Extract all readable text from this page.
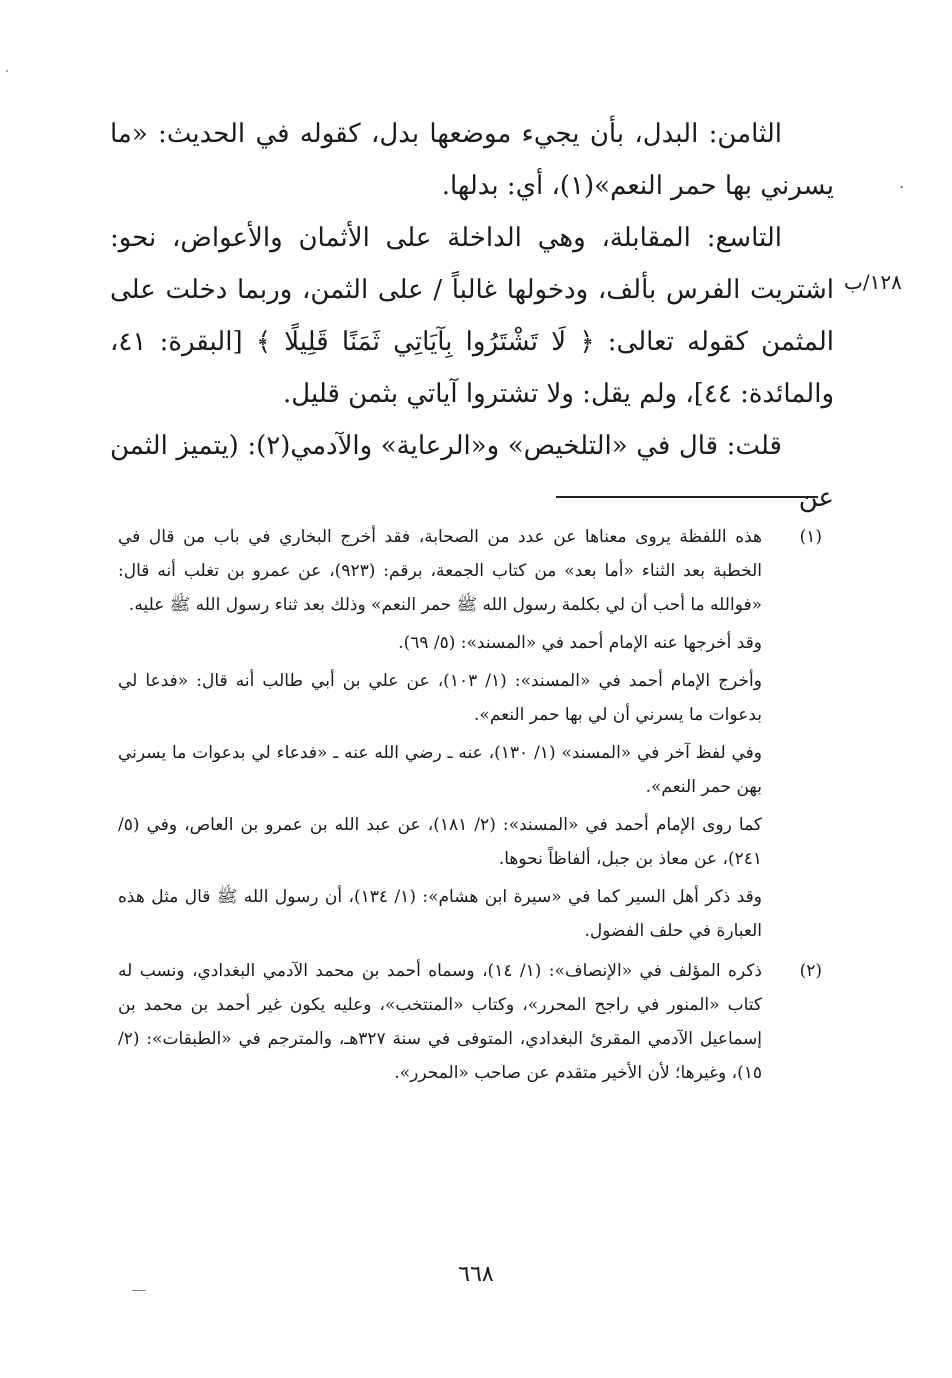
الثامن: البدل، بأن يجيء موضعها بدل، كقوله في الحديث: «ما يسرني بها حمر النعم»(١)، أي: بدلها.

التاسع: المقابلة، وهي الداخلة على الأثمان والأعواض، نحو: اشتريت الفرس بألف، ودخولها غالباً / على الثمن، وربما دخلت على المثمن كقوله تعالى: ﴿ لَا تَشْتَرُوا بِآيَاتِي ثَمَنًا قَلِيلًا ﴾ [البقرة: ٤١، والمائدة: ٤٤]، ولم يقل: ولا تشتروا آياتي بثمن قليل.

قلت: قال في «التلخيص» و«الرعاية» والآدمي(٢): (يتميز الثمن عن

١٢٨/ب
(١)
هذه اللفظة يروى معناها عن عدد من الصحابة، فقد أخرج البخاري في باب من قال في الخطبة بعد الثناء «أما بعد» من كتاب الجمعة، برقم: (٩٢٣)، عن عمرو بن تغلب أنه قال: «فوالله ما أحب أن لي بكلمة رسول الله ﷺ حمر النعم» وذلك بعد ثناء رسول الله ﷺ عليه.
وقد أخرجها عنه الإمام أحمد في «المسند»: (٥/ ٦٩).
وأخرج الإمام أحمد في «المسند»: (١/ ١٠٣)، عن علي بن أبي طالب أنه قال: «فدعا لي بدعوات ما يسرني أن لي بها حمر النعم».
وفي لفظ آخر في «المسند» (١/ ١٣٠)، عنه ـ رضي الله عنه ـ «فدعاء لي بدعوات ما يسرني بهن حمر النعم».
كما روى الإمام أحمد في «المسند»: (٢/ ١٨١)، عن عبد الله بن عمرو بن العاص، وفي (٥/ ٢٤١)، عن معاذ بن جبل، ألفاظاً نحوها.
وقد ذكر أهل السير كما في «سيرة ابن هشام»: (١/ ١٣٤)، أن رسول الله ﷺ قال مثل هذه العبارة في حلف الفضول.
(٢)
ذكره المؤلف في «الإنصاف»: (١/ ١٤)، وسماه أحمد بن محمد الآدمي البغدادي، ونسب له كتاب «المنور في راجح المحرر»، وكتاب «المنتخب»، وعليه يكون غير أحمد بن محمد بن إسماعيل الآدمي المقرئ البغدادي، المتوفى في سنة ٣٢٧هـ، والمترجم في «الطبقات»: (٢/ ١٥)، وغيرها؛ لأن الأخير متقدم عن صاحب «المحرر».
٦٦٨
